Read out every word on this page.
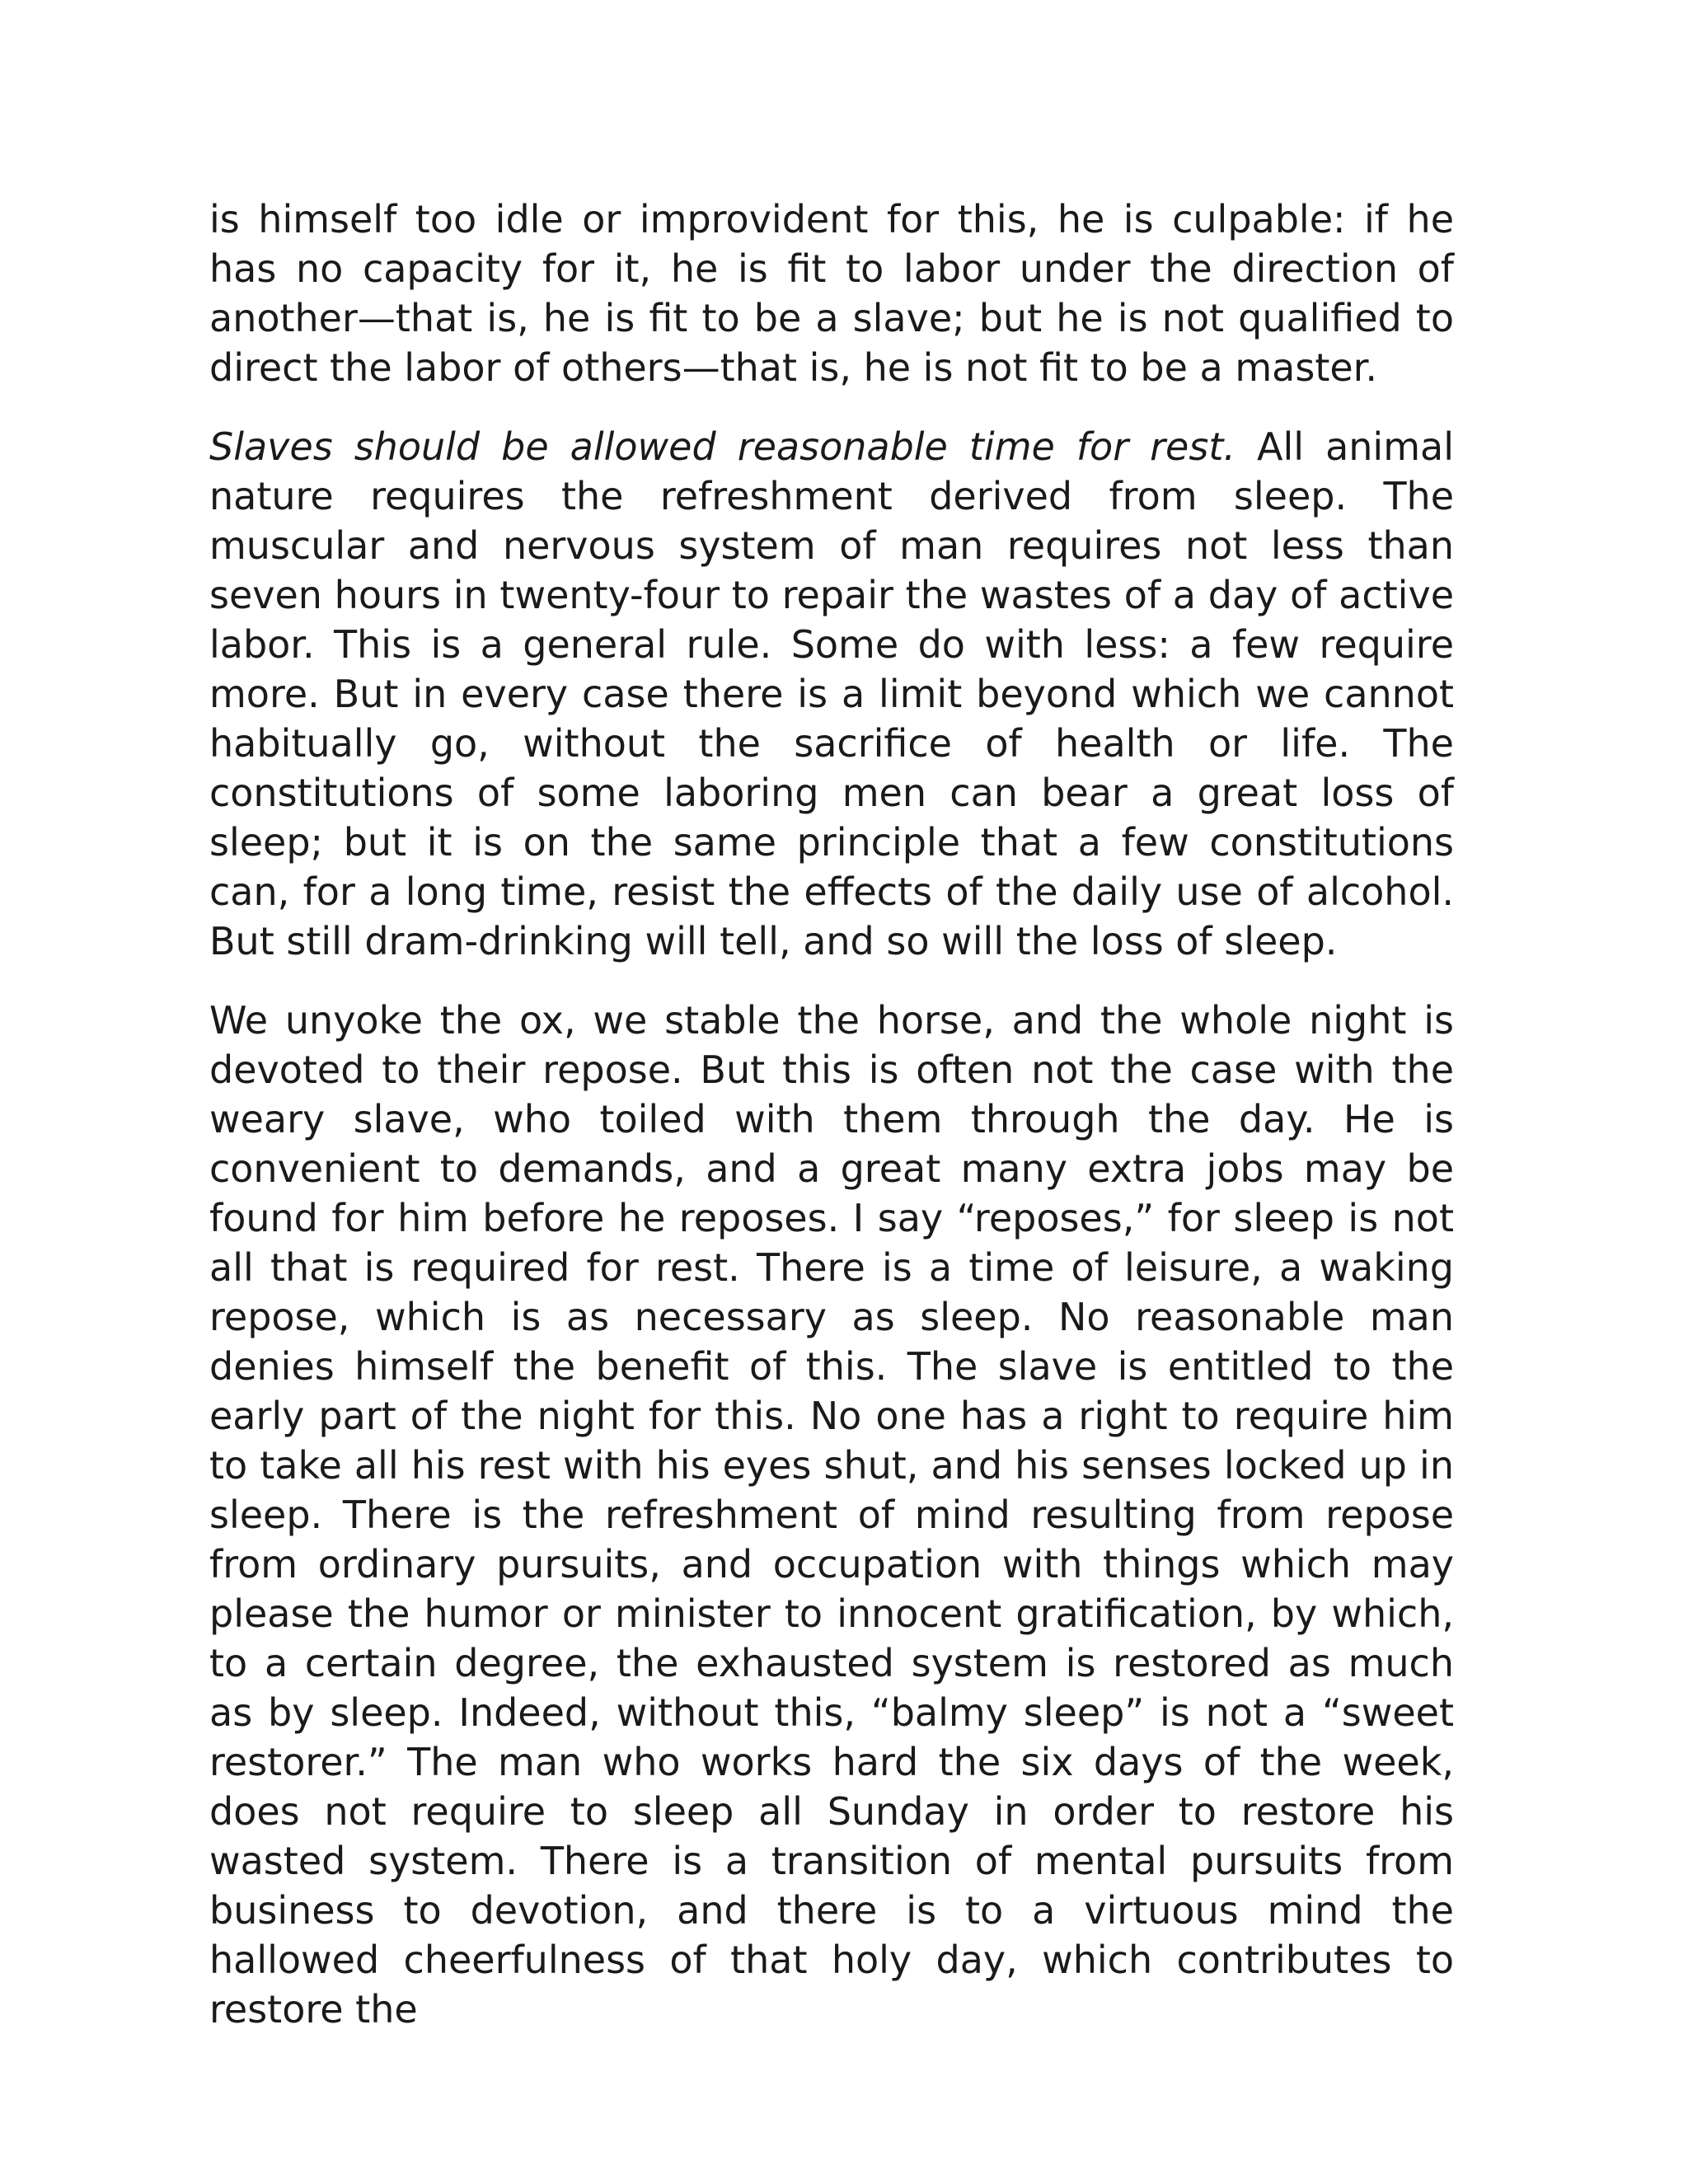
is himself too idle or improvident for this, he is culpable: if he has no capacity for it, he is fit to labor under the direction of another—that is, he is fit to be a slave; but he is not qualified to direct the labor of others—that is, he is not fit to be a master.

Slaves should be allowed reasonable time for rest. All animal nature requires the refreshment derived from sleep. The muscular and nervous system of man requires not less than seven hours in twenty-four to repair the wastes of a day of active labor. This is a general rule. Some do with less: a few require more. But in every case there is a limit beyond which we cannot habitually go, without the sacrifice of health or life. The constitutions of some laboring men can bear a great loss of sleep; but it is on the same principle that a few constitutions can, for a long time, resist the effects of the daily use of alcohol. But still dram-drinking will tell, and so will the loss of sleep.

We unyoke the ox, we stable the horse, and the whole night is devoted to their repose. But this is often not the case with the weary slave, who toiled with them through the day. He is convenient to demands, and a great many extra jobs may be found for him before he reposes. I say “reposes,” for sleep is not all that is required for rest. There is a time of leisure, a waking repose, which is as necessary as sleep. No reasonable man denies himself the benefit of this. The slave is entitled to the early part of the night for this. No one has a right to require him to take all his rest with his eyes shut, and his senses locked up in sleep. There is the refreshment of mind resulting from repose from ordinary pursuits, and occupation with things which may please the humor or minister to innocent gratification, by which, to a certain degree, the exhausted system is restored as much as by sleep. Indeed, without this, “balmy sleep” is not a “sweet restorer.” The man who works hard the six days of the week, does not require to sleep all Sunday in order to restore his wasted system. There is a transition of mental pursuits from business to devotion, and there is to a virtuous mind the hallowed cheerfulness of that holy day, which contributes to restore the
